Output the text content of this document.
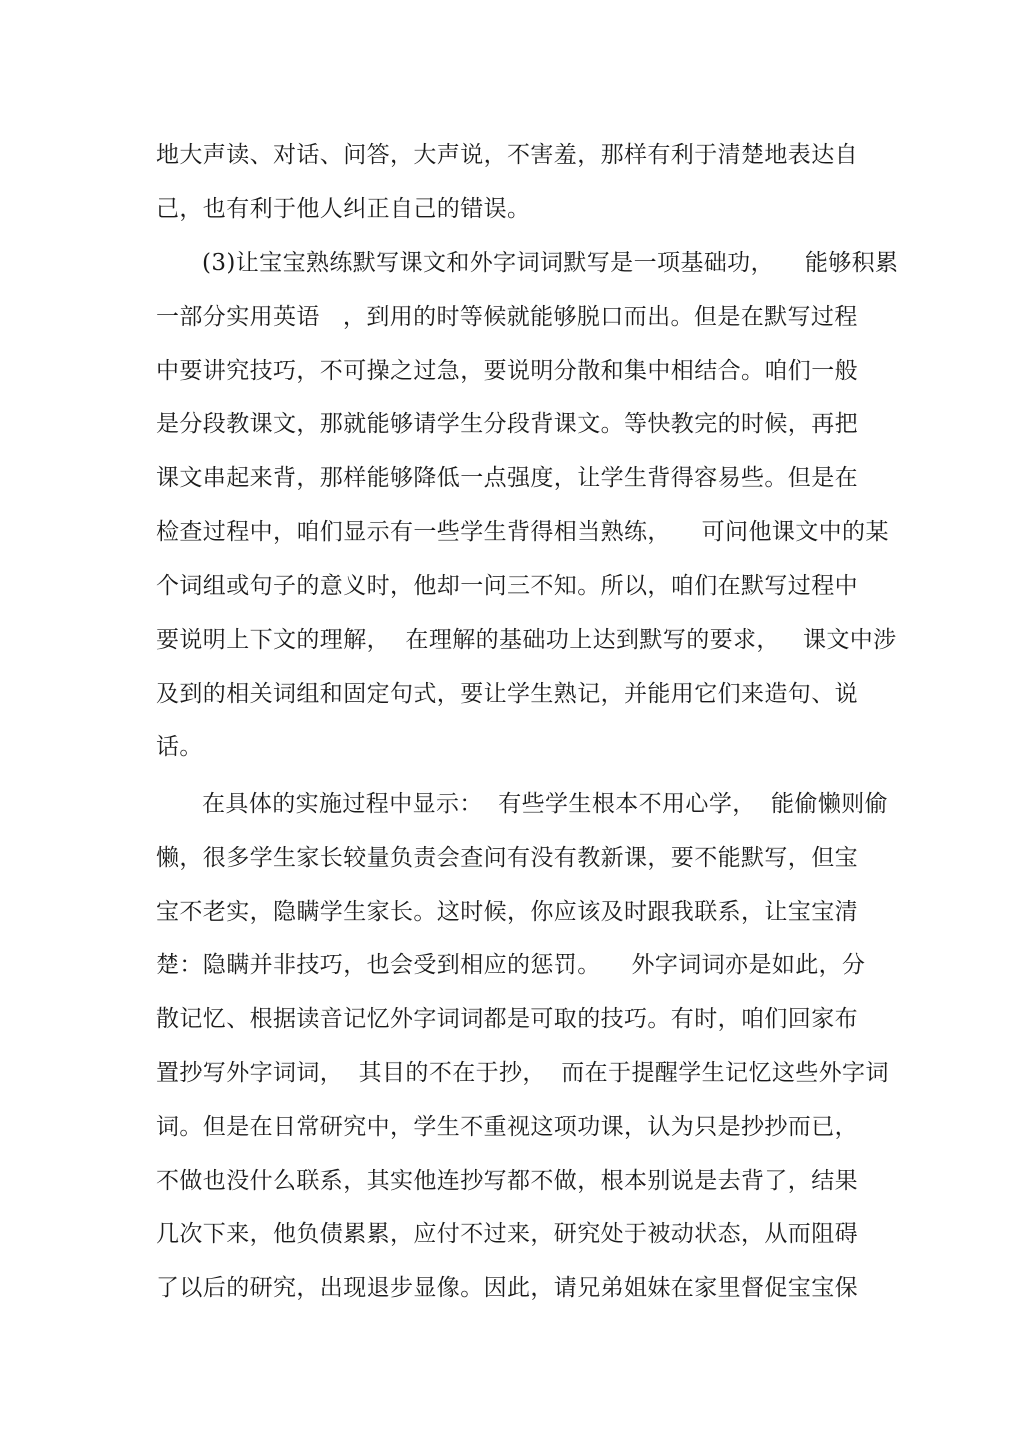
地大声读、对话、问答，大声说，不害羞，那样有利于清楚地表达自

己，也有利于他人纠正自己的错误。

(3)让宝宝熟练默写课文和外字词词默写是一项基础功，    能够积累

一部分实用英语   ，到用的时等候就能够脱口而出。但是在默写过程

中要讲究技巧，不可操之过急，要说明分散和集中相结合。咱们一般

是分段教课文，那就能够请学生分段背课文。等快教完的时候，再把

课文串起来背，那样能够降低一点强度，让学生背得容易些。但是在

检查过程中，咱们显示有一些学生背得相当熟练，    可问他课文中的某

个词组或句子的意义时，他却一问三不知。所以，咱们在默写过程中

要说明上下文的理解，  在理解的基础功上达到默写的要求，   课文中涉

及到的相关词组和固定句式，要让学生熟记，并能用它们来造句、说

话。

在具体的实施过程中显示：  有些学生根本不用心学，  能偷懒则偷

懒，很多学生家长较量负责会查问有没有教新课，要不能默写，但宝

宝不老实，隐瞒学生家长。这时候，你应该及时跟我联系，让宝宝清

楚：隐瞒并非技巧，也会受到相应的惩罚。    外字词词亦是如此，分

散记忆、根据读音记忆外字词词都是可取的技巧。有时，咱们回家布

置抄写外字词词，  其目的不在于抄，  而在于提醒学生记忆这些外字词

词。但是在日常研究中，学生不重视这项功课，认为只是抄抄而已，

不做也没什么联系，其实他连抄写都不做，根本别说是去背了，结果

几次下来，他负债累累，应付不过来，研究处于被动状态，从而阻碍

了以后的研究，出现退步显像。因此，请兄弟姐妹在家里督促宝宝保
